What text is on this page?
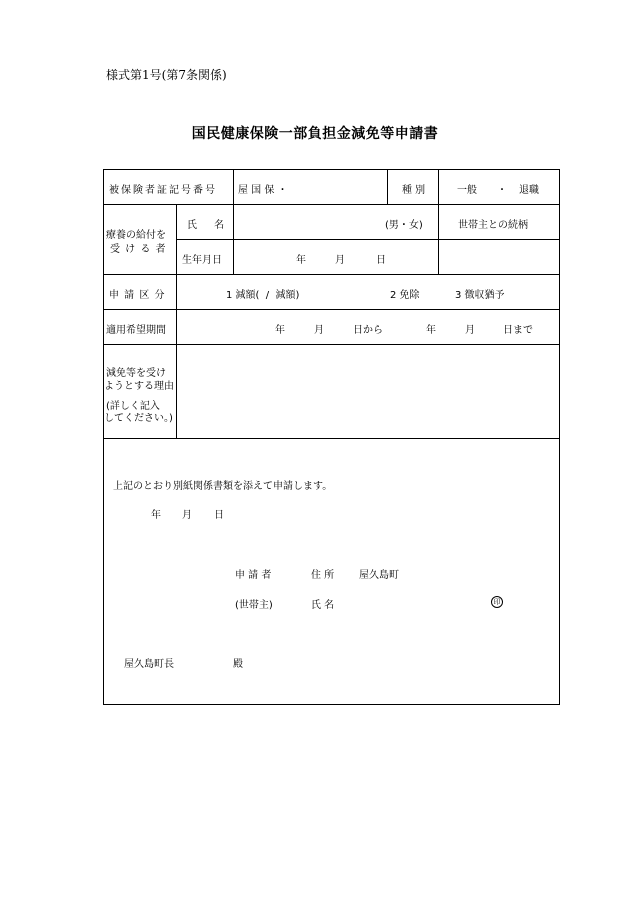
様式第1号(第7条関係)
国民健康保険一部負担金減免等申請書
被保険者証記号番号 屋 国 保 ・	種 別	一般 ・ 退職
療養の給付を
受 け る 者
氏 名	(男・女)	世帯主との続柄
生年月日	年	月	日
申 請 区 分	1 減額(  /  減額)	2 免除	3 徴収猶予
適用希望期間	年	月	日から	年	月	日まで
減免等を受け
ようとする理由
(詳しく記入
してください。)
上記のとおり別紙関係書類を添えて申請します。
年 月 日
申 請 者	住 所 屋久島町
(世帯主)	氏 名	印
屋久島町長	殿
